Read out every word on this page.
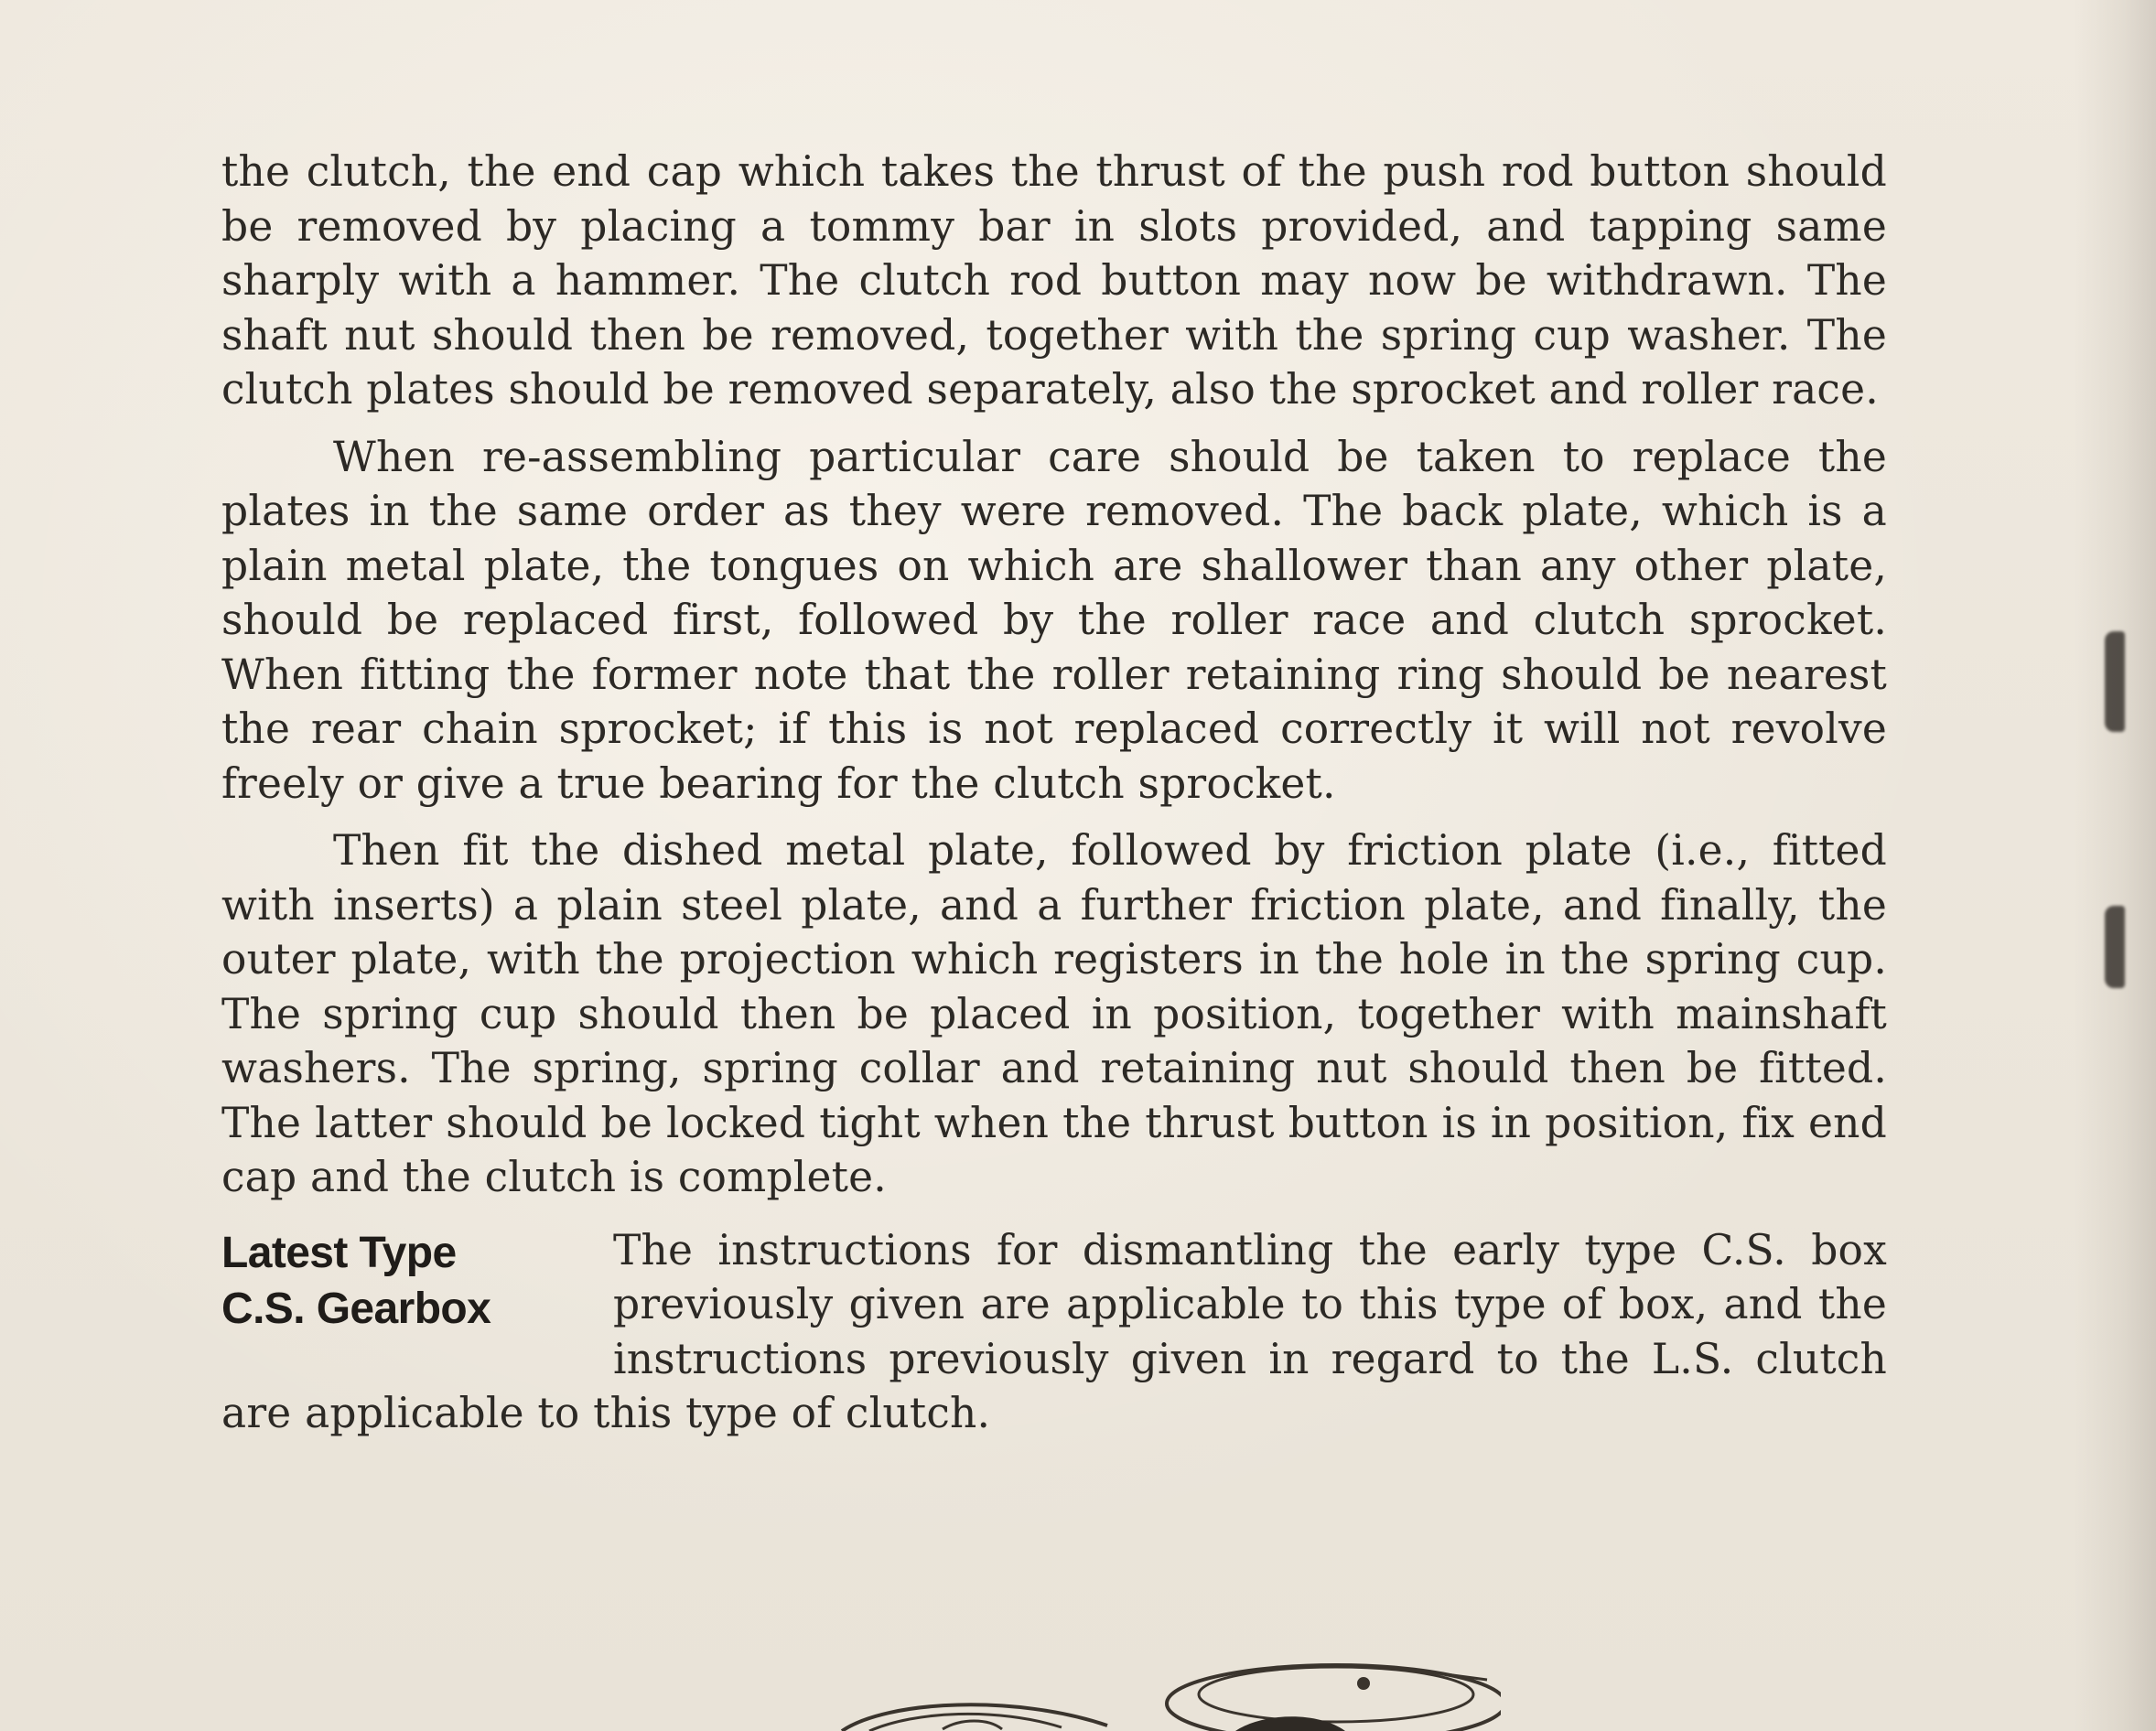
the clutch, the end cap which takes the thrust of the push rod button should be removed by placing a tommy bar in slots provided, and tapping same sharply with a hammer. The clutch rod button may now be withdrawn. The shaft nut should then be removed, together with the spring cup washer. The clutch plates should be removed separately, also the sprocket and roller race.

When re-assembling particular care should be taken to replace the plates in the same order as they were removed. The back plate, which is a plain metal plate, the tongues on which are shallower than any other plate, should be replaced first, followed by the roller race and clutch sprocket. When fitting the former note that the roller retaining ring should be nearest the rear chain sprocket; if this is not replaced correctly it will not revolve freely or give a true bearing for the clutch sprocket.

Then fit the dished metal plate, followed by friction plate (i.e., fitted with inserts) a plain steel plate, and a further friction plate, and finally, the outer plate, with the projection which registers in the hole in the spring cup. The spring cup should then be placed in position, together with mainshaft washers. The spring, spring collar and retaining nut should then be fitted. The latter should be locked tight when the thrust button is in position, fix end cap and the clutch is complete.

Latest Type
C.S. Gearbox

The instructions for dismantling the early type C.S. box previously given are applicable to this type of box, and the instructions previously given in regard to the L.S. clutch are applicable to this type of clutch.
